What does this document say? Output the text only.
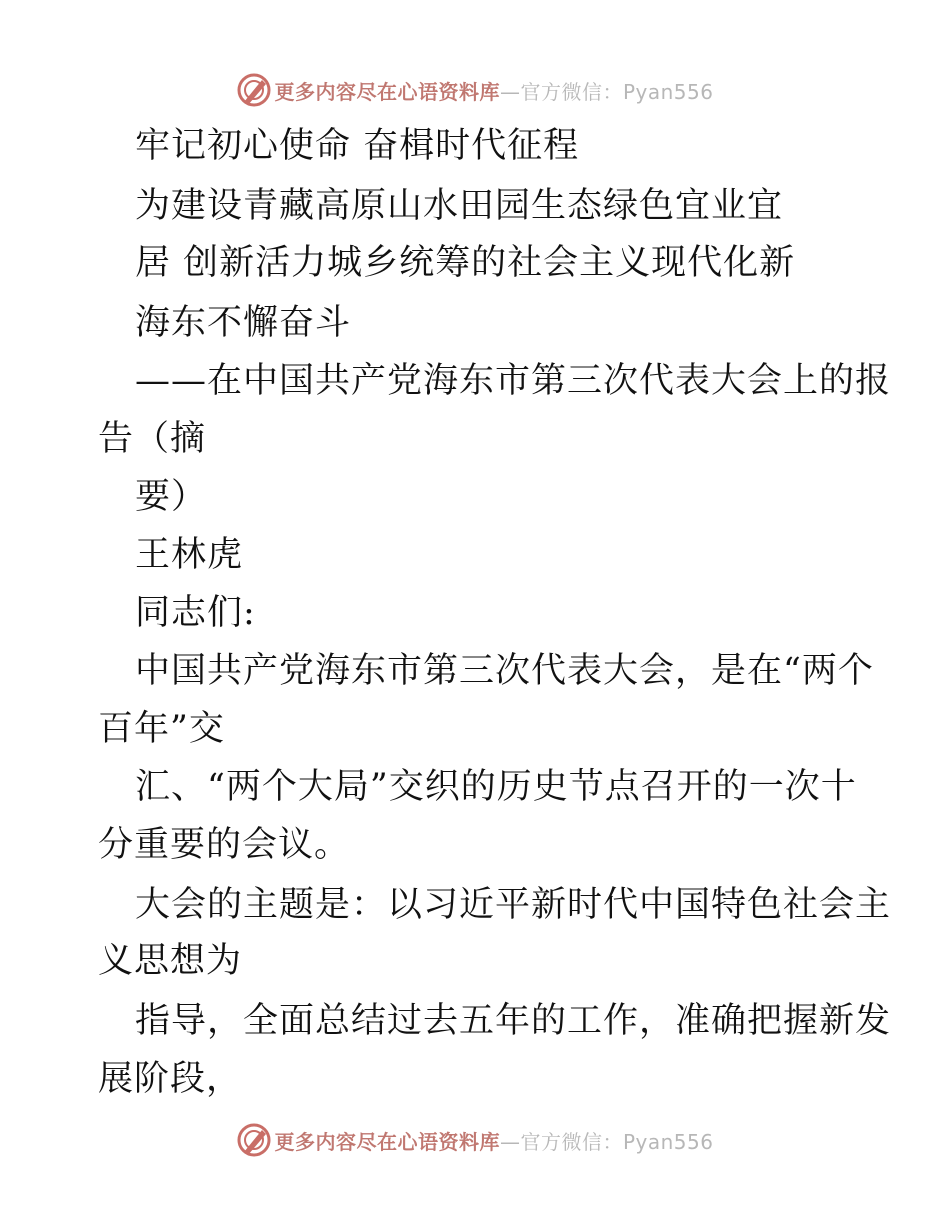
更多内容尽在心语资料库—官方微信：Pyan556
牢记初心使命 奋楫时代征程
为建设青藏高原山水田园生态绿色宜业宜
居 创新活力城乡统筹的社会主义现代化新
海东不懈奋斗
——在中国共产党海东市第三次代表大会上的报
告（摘
要）
王林虎
同志们:
中国共产党海东市第三次代表大会，是在“两个
百年”交
汇、“两个大局”交织的历史节点召开的一次十
分重要的会议。
大会的主题是：以习近平新时代中国特色社会主
义思想为
指导，全面总结过去五年的工作，准确把握新发
展阶段，
更多内容尽在心语资料库—官方微信：Pyan556
